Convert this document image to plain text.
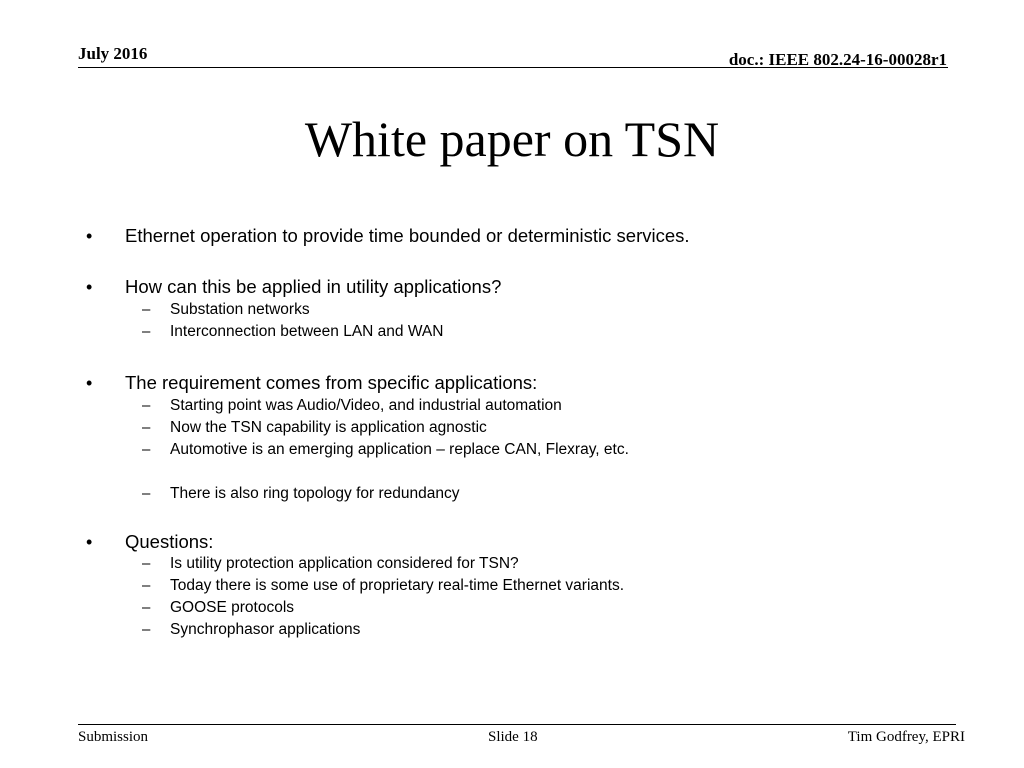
July 2016	doc.: IEEE 802.24-16-00028r1
White paper on TSN
• Ethernet operation to provide time bounded or deterministic services.
• How can this be applied in utility applications?
– Substation networks
– Interconnection between LAN and WAN
• The requirement comes from specific applications:
– Starting point was Audio/Video, and industrial automation
– Now the TSN capability is application agnostic
– Automotive is an emerging application – replace CAN, Flexray, etc.
– There is also ring topology for redundancy
• Questions:
– Is utility protection application considered for TSN?
– Today there is some use of proprietary real-time Ethernet variants.
– GOOSE protocols
– Synchrophasor applications
Submission	Slide 18	Tim Godfrey, EPRI
